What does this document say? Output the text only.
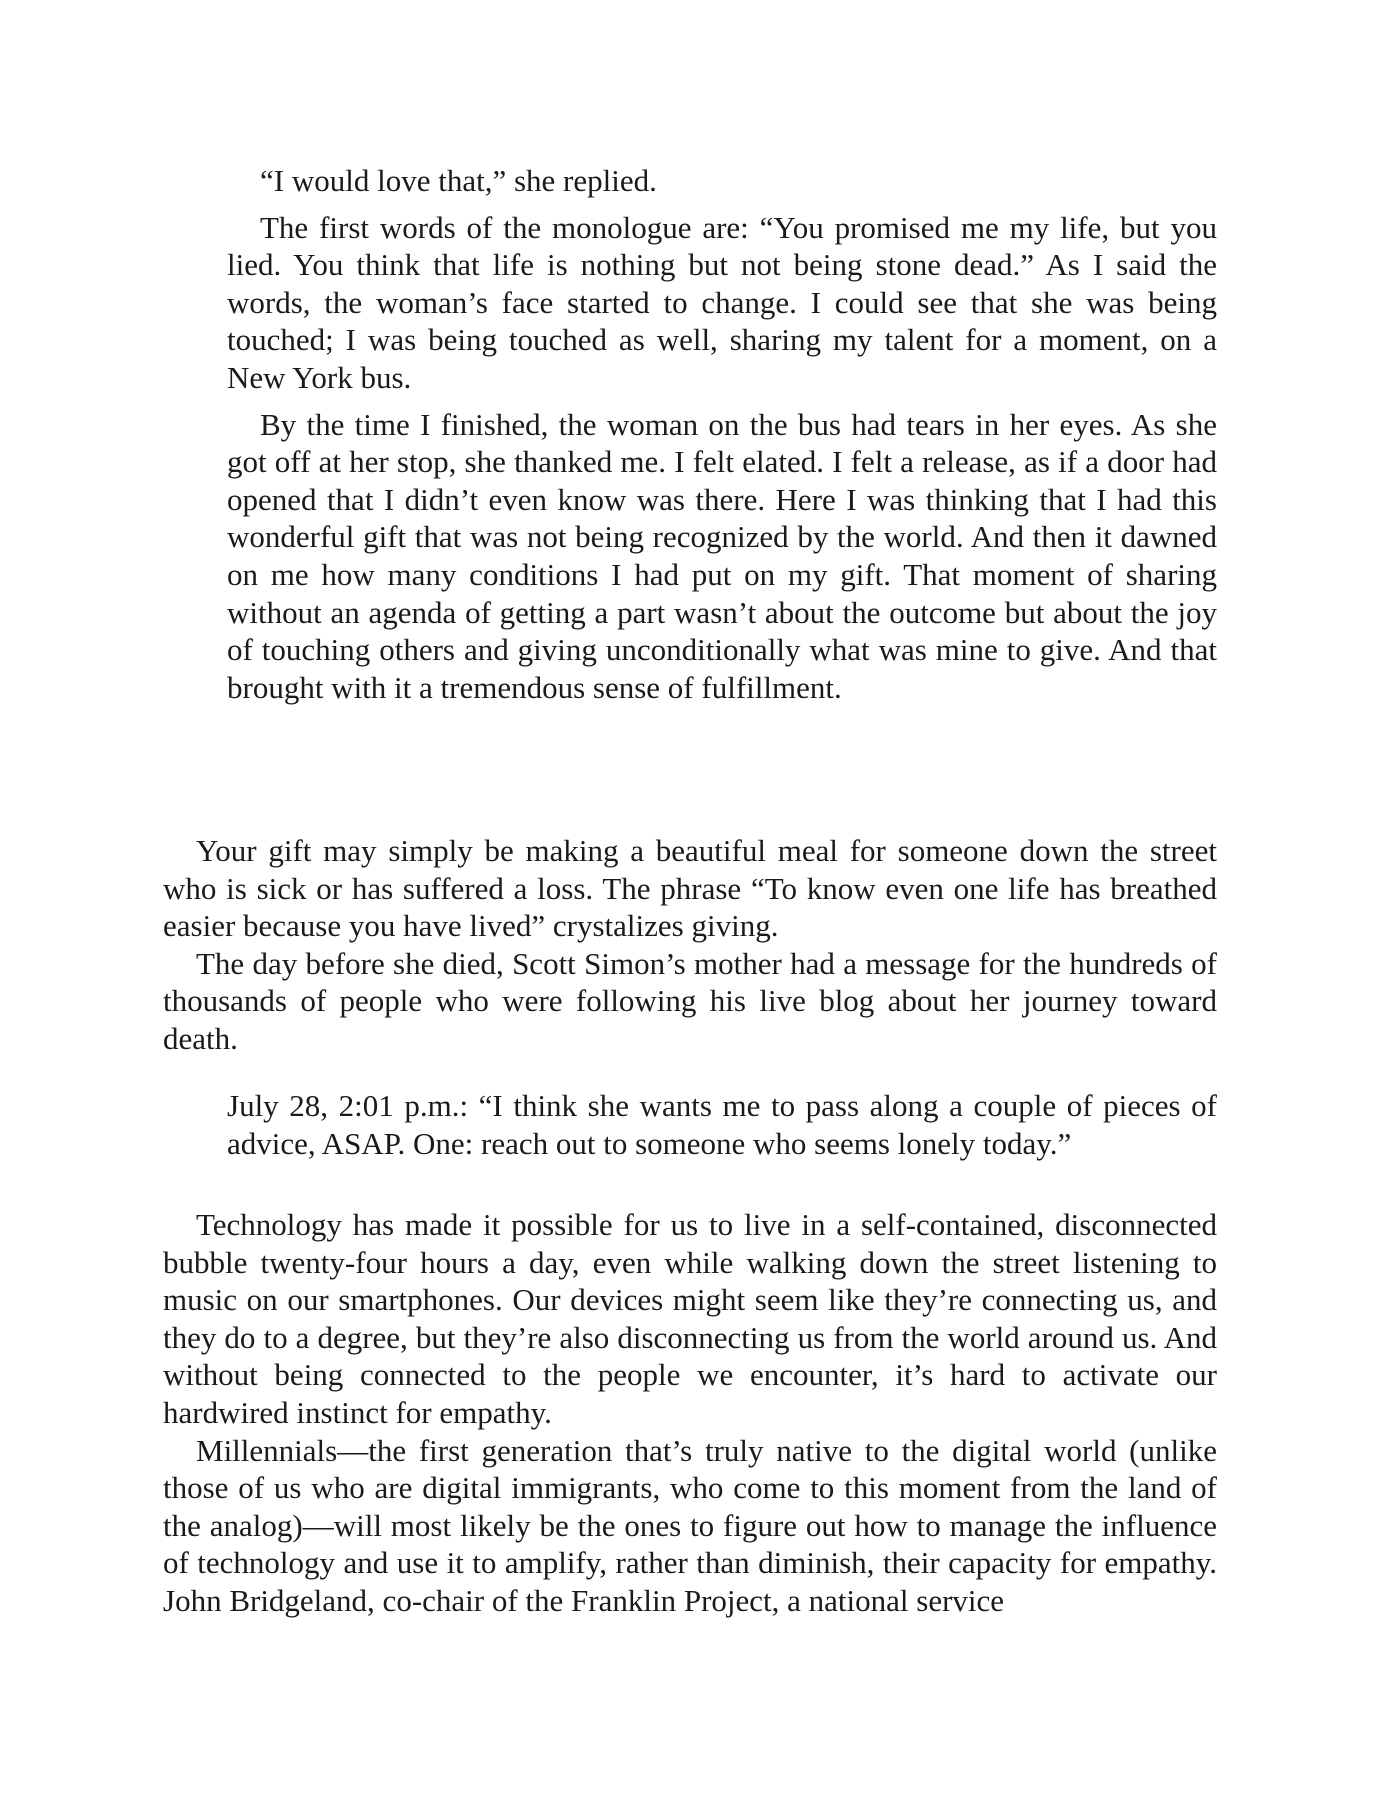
“I would love that,” she replied.

The first words of the monologue are: “You promised me my life, but you lied. You think that life is nothing but not being stone dead.” As I said the words, the woman’s face started to change. I could see that she was being touched; I was being touched as well, sharing my talent for a moment, on a New York bus.

By the time I finished, the woman on the bus had tears in her eyes. As she got off at her stop, she thanked me. I felt elated. I felt a release, as if a door had opened that I didn’t even know was there. Here I was thinking that I had this wonderful gift that was not being recognized by the world. And then it dawned on me how many conditions I had put on my gift. That moment of sharing without an agenda of getting a part wasn’t about the outcome but about the joy of touching others and giving unconditionally what was mine to give. And that brought with it a tremendous sense of fulfillment.

Your gift may simply be making a beautiful meal for someone down the street who is sick or has suffered a loss. The phrase “To know even one life has breathed easier because you have lived” crystalizes giving.

The day before she died, Scott Simon’s mother had a message for the hundreds of thousands of people who were following his live blog about her journey toward death.

July 28, 2:01 p.m.: “I think she wants me to pass along a couple of pieces of advice, ASAP. One: reach out to someone who seems lonely today.”

Technology has made it possible for us to live in a self-contained, disconnected bubble twenty-four hours a day, even while walking down the street listening to music on our smartphones. Our devices might seem like they’re connecting us, and they do to a degree, but they’re also disconnecting us from the world around us. And without being connected to the people we encounter, it’s hard to activate our hardwired instinct for empathy.

Millennials—the first generation that’s truly native to the digital world (unlike those of us who are digital immigrants, who come to this moment from the land of the analog)—will most likely be the ones to figure out how to manage the influence of technology and use it to amplify, rather than diminish, their capacity for empathy. John Bridgeland, co-chair of the Franklin Project, a national service
